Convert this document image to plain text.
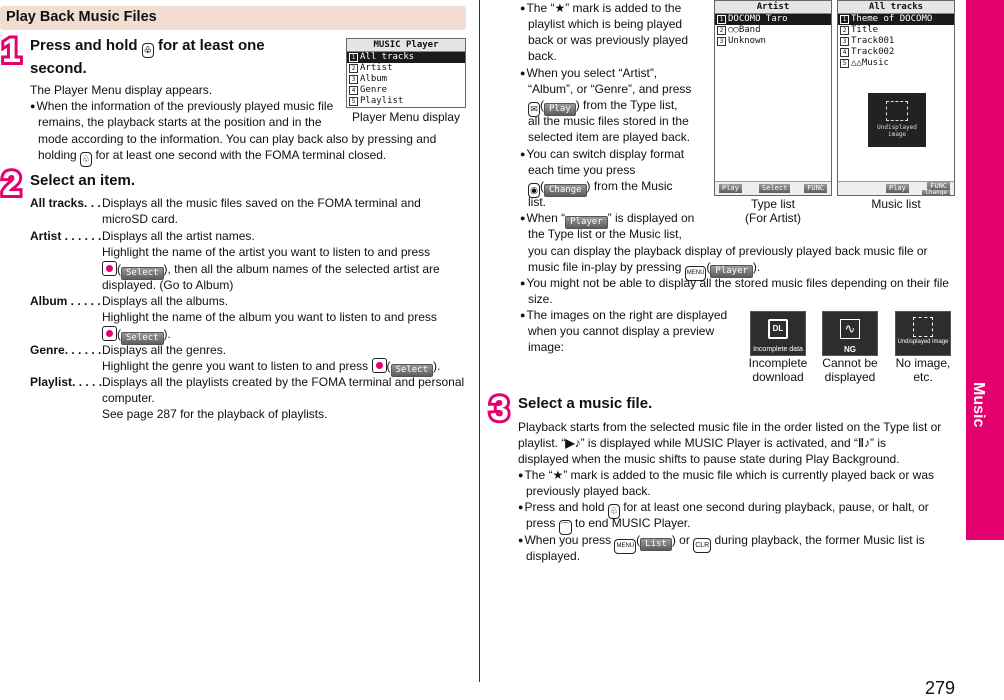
Play Back Music Files
1 Press and hold ♧ for at least one
second.
The Player Menu display appears.
● When the information of the previously played music file
remains, the playback starts at the position and in the
mode according to the information. You can play back also by pressing and
holding ♧ for at least one second with the FOMA terminal closed.
MUSIC Player
1 All tracks
2 Artist
3 Album
4 Genre
5 Playlist
Player Menu display
2 Select an item.
All tracks. . . Displays all the music files saved on the FOMA terminal and
microSD card.
Artist . . . . . . Displays all the artist names.
Highlight the name of the artist you want to listen to and press
( Select ), then all the album names of the selected artist are
displayed. (Go to Album)
Album . . . . . Displays all the albums.
Highlight the name of the album you want to listen to and press
( Select ).
Genre. . . . . . Displays all the genres.
Highlight the genre you want to listen to and press ( Select ).
Playlist. . . . . Displays all the playlists created by the FOMA terminal and personal
computer.
See page 287 for the playback of playlists.
● The “★” mark is added to the
playlist which is being played
back or was previously played
back.
● When you select “Artist”,
“Album”, or “Genre”, and press
✉ ( Play ) from the Type list,
all the music files stored in the
selected item are played back.
● You can switch display format
each time you press
◉ ( Change ) from the Music
list.
● When “ Player ” is displayed on
the Type list or the Music list,
you can display the playback display of previously played back music file or
music file in-play by pressing MENU ( Player ).
● You might not be able to display all the stored music files depending on their file
size.
● The images on the right are displayed
when you cannot display a preview
image:
Artist
1 DOCOMO Taro
2 ○○Band
3 Unknown
Play	Select	FUNC
Type list
(For Artist)
All tracks
1 Theme of DOCOMO
2 Title
3 Track001
4 Track002
5 △△Music
Undisplayed image
Play	FUNC
Change
Music list
DL
Incomplete data
∿
NG
Undisplayed image
Incomplete
download
Cannot be
displayed
No image,
etc.
3 Select a music file.
Playback starts from the selected music file in the order listed on the Type list or
playlist. “▶♪” is displayed while MUSIC Player is activated, and “‖♪” is
displayed when the music shifts to pause state during Play Background.
● The “★” mark is added to the music file which is currently played back or was
previously played back.
● Press and hold ♧ for at least one second during playback, pause, or halt, or
press ⌒ to end MUSIC Player.
● When you press MENU ( List ) or CLR during playback, the former Music list is
displayed.
Music
279
